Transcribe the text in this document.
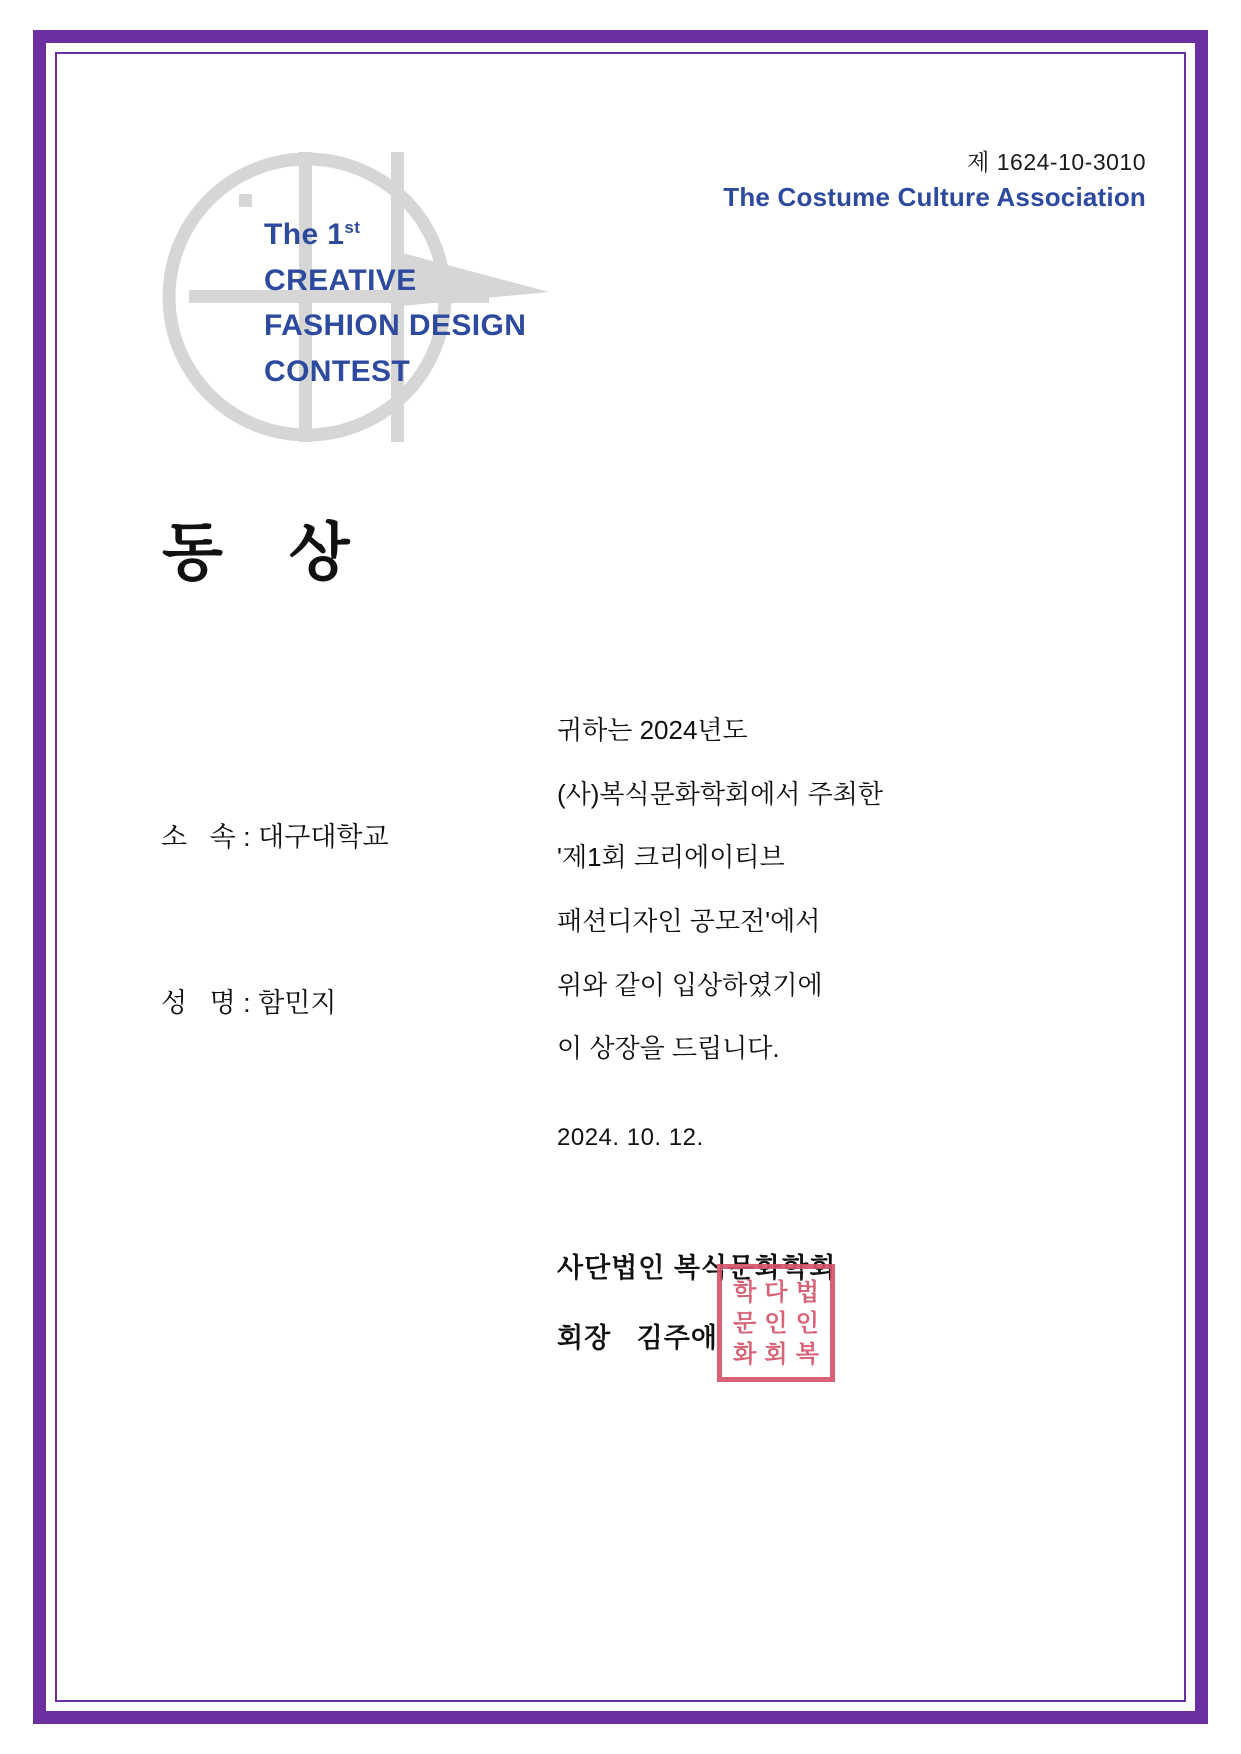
제 1624-10-3010
The Costume Culture Association
The 1st
CREATIVE
FASHION DESIGN
CONTEST
동 상

소   속 : 대구대학교

성   명 : 함민지

귀하는 2024년도
(사)복식문화학회에서 주최한
'제1회 크리에이티브
패션디자인 공모전'에서
위와 같이 입상하였기에
이 상장을 드립니다.
2024. 10. 12.
사단법인 복식문화학회
회장   김주애
학 다 법
문 인 인
화 회 복
